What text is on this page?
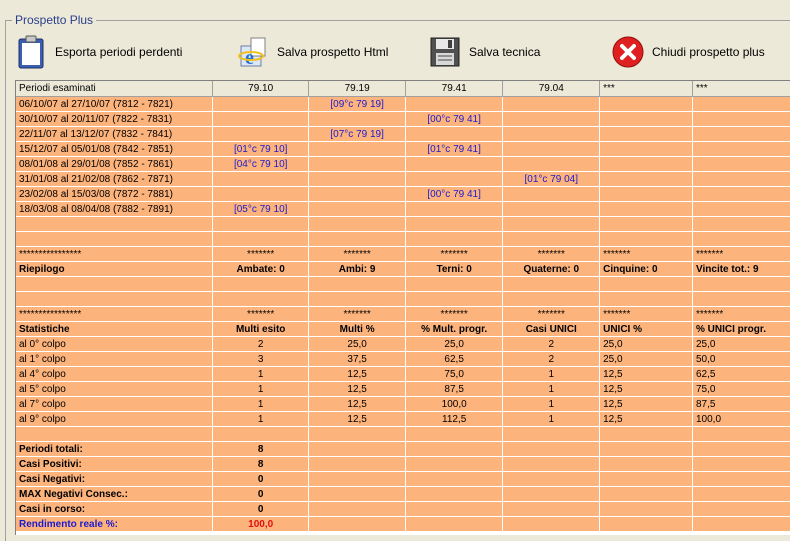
Prospetto Plus
Esporta periodi perdenti	e Salva prospetto Html	Salva tecnica	Chiudi prospetto plus
Periodi esaminati	79.10	79.19	79.41	79.04	***	***
06/10/07 al 27/10/07 (7812 - 7821)		[09°c 79 19]				
30/10/07 al 20/11/07 (7822 - 7831)			[00°c 79 41]			
22/11/07 al 13/12/07 (7832 - 7841)		[07°c 79 19]				
15/12/07 al 05/01/08 (7842 - 7851)	[01°c 79 10]		[01°c 79 41]			
08/01/08 al 29/01/08 (7852 - 7861)	[04°c 79 10]					
31/01/08 al 21/02/08 (7862 - 7871)				[01°c 79 04]		
23/02/08 al 15/03/08 (7872 - 7881)			[00°c 79 41]			
18/03/08 al 08/04/08 (7882 - 7891)	[05°c 79 10]					

****************	*******	*******	*******	*******	*******	*******
Riepilogo	Ambate: 0	Ambi: 9	Terni: 0	Quaterne: 0	Cinquine: 0	Vincite tot.: 9

****************	*******	*******	*******	*******	*******	*******
Statistiche	Multi esito	Multi %	% Mult. progr.	Casi UNICI	UNICI %	% UNICI progr.
al 0° colpo	2	25,0	25,0	2	25,0	25,0
al 1° colpo	3	37,5	62,5	2	25,0	50,0
al 4° colpo	1	12,5	75,0	1	12,5	62,5
al 5° colpo	1	12,5	87,5	1	12,5	75,0
al 7° colpo	1	12,5	100,0	1	12,5	87,5
al 9° colpo	1	12,5	112,5	1	12,5	100,0

Periodi totali:	8					
Casi Positivi:	8					
Casi Negativi:	0					
MAX Negativi Consec.:	0					
Casi in corso:	0					
Rendimento reale %:	100,0					
